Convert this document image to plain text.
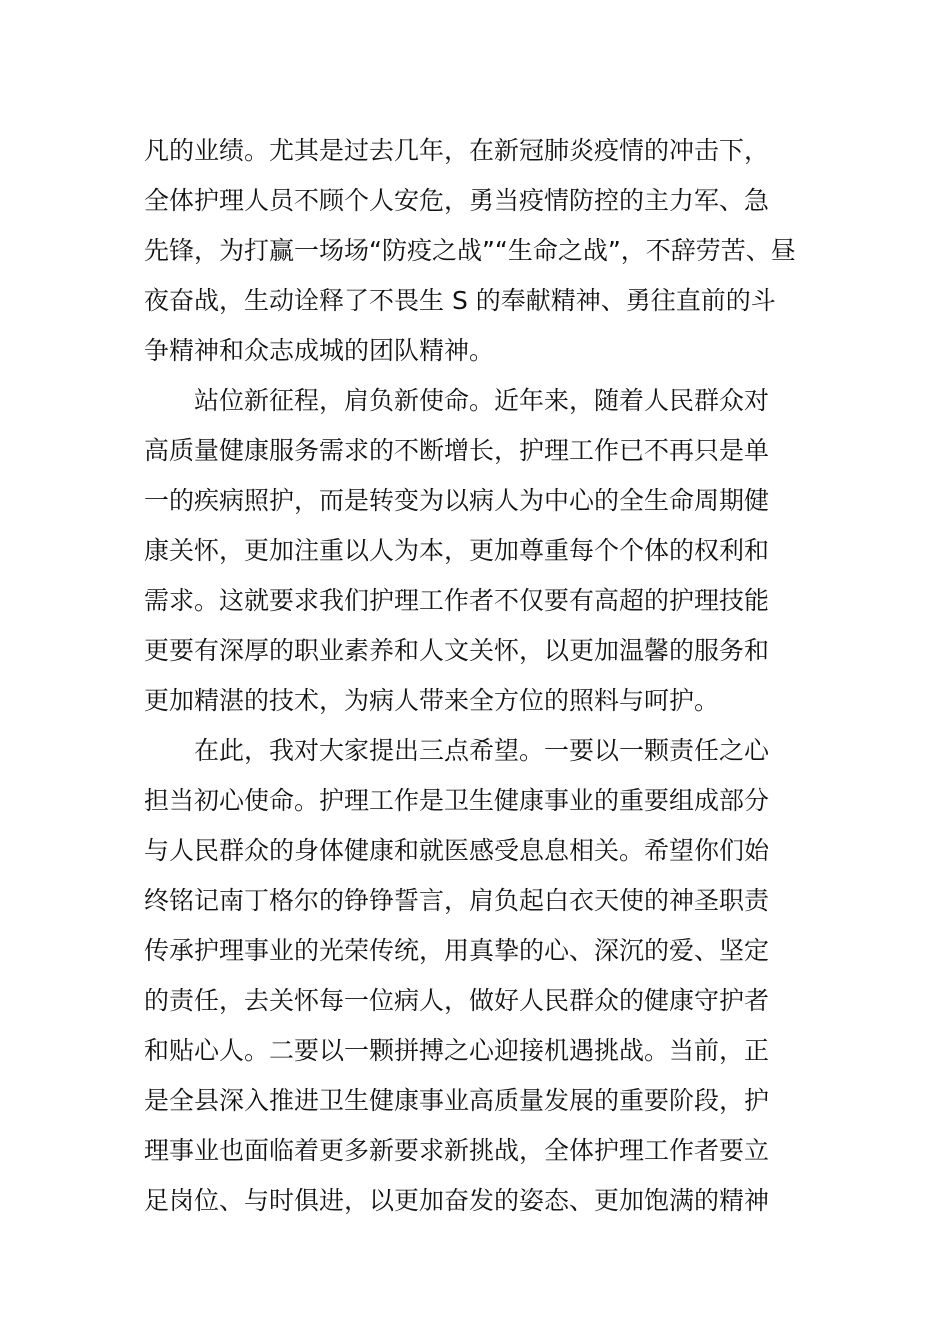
凡的业绩。尤其是过去几年，在新冠肺炎疫情的冲击下，
全体护理人员不顾个人安危，勇当疫情防控的主力军、急
先锋，为打赢一场场“防疫之战”“生命之战”，不辞劳苦、昼
夜奋战，生动诠释了不畏生 S 的奉献精神、勇往直前的斗
争精神和众志成城的团队精神。
站位新征程，肩负新使命。近年来，随着人民群众对
高质量健康服务需求的不断增长，护理工作已不再只是单
一的疾病照护，而是转变为以病人为中心的全生命周期健
康关怀，更加注重以人为本，更加尊重每个个体的权利和
需求。这就要求我们护理工作者不仅要有高超的护理技能
更要有深厚的职业素养和人文关怀，以更加温馨的服务和
更加精湛的技术，为病人带来全方位的照料与呵护。
在此，我对大家提出三点希望。一要以一颗责任之心
担当初心使命。护理工作是卫生健康事业的重要组成部分
与人民群众的身体健康和就医感受息息相关。希望你们始
终铭记南丁格尔的铮铮誓言，肩负起白衣天使的神圣职责
传承护理事业的光荣传统，用真挚的心、深沉的爱、坚定
的责任，去关怀每一位病人，做好人民群众的健康守护者
和贴心人。二要以一颗拼搏之心迎接机遇挑战。当前，正
是全县深入推进卫生健康事业高质量发展的重要阶段，护
理事业也面临着更多新要求新挑战，全体护理工作者要立
足岗位、与时俱进，以更加奋发的姿态、更加饱满的精神
